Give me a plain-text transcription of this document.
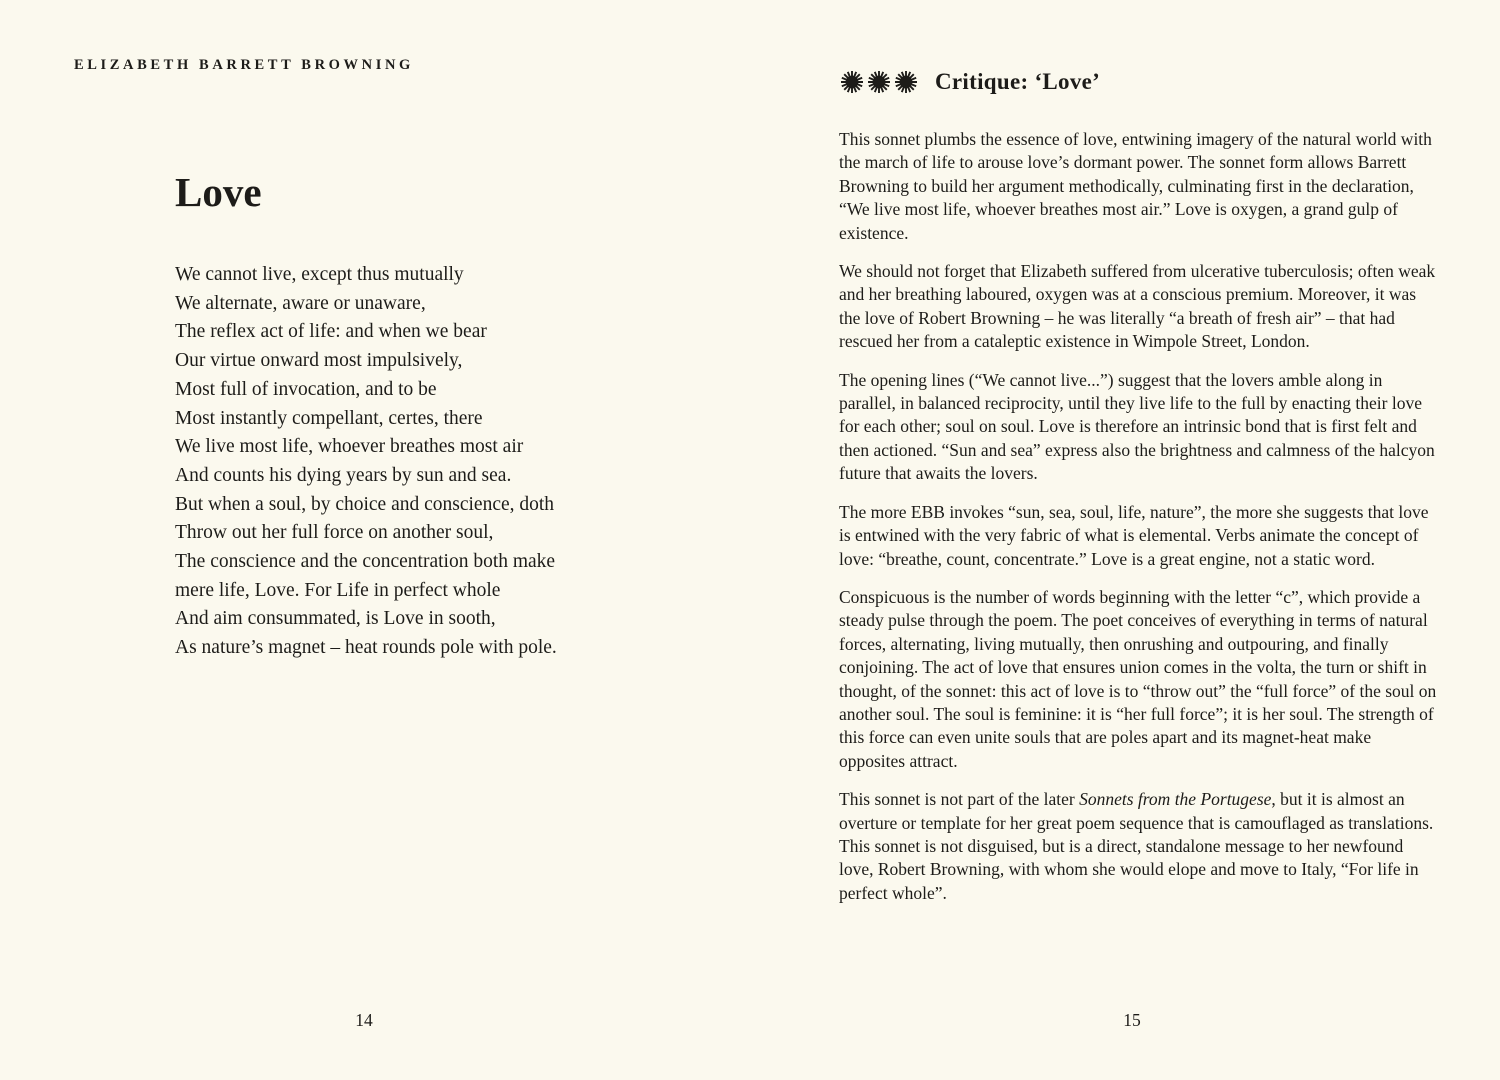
ELIZABETH BARRETT BROWNING
Love
We cannot live, except thus mutually
We alternate, aware or unaware,
The reflex act of life: and when we bear
Our virtue onward most impulsively,
Most full of invocation, and to be
Most instantly compellant, certes, there
We live most life, whoever breathes most air
And counts his dying years by sun and sea.
But when a soul, by choice and conscience, doth
Throw out her full force on another soul,
The conscience and the concentration both make
mere life, Love. For Life in perfect whole
And aim consummated, is Love in sooth,
As nature’s magnet – heat rounds pole with pole.
14
Critique: ‘Love’

This sonnet plumbs the essence of love, entwining imagery of the natural world with the march of life to arouse love’s dormant power. The sonnet form allows Barrett Browning to build her argument methodically, culminating first in the declaration, “We live most life, whoever breathes most air.” Love is oxygen, a grand gulp of existence.

We should not forget that Elizabeth suffered from ulcerative tuberculosis; often weak and her breathing laboured, oxygen was at a conscious premium. Moreover, it was the love of Robert Browning – he was literally “a breath of fresh air” – that had rescued her from a cataleptic existence in Wimpole Street, London.

The opening lines (“We cannot live...”) suggest that the lovers amble along in parallel, in balanced reciprocity, until they live life to the full by enacting their love for each other; soul on soul. Love is therefore an intrinsic bond that is first felt and then actioned. “Sun and sea” express also the brightness and calmness of the halcyon future that awaits the lovers.

The more EBB invokes “sun, sea, soul, life, nature”, the more she suggests that love is entwined with the very fabric of what is elemental. Verbs animate the concept of love: “breathe, count, concentrate.” Love is a great engine, not a static word.

Conspicuous is the number of words beginning with the letter “c”, which provide a steady pulse through the poem. The poet conceives of everything in terms of natural forces, alternating, living mutually, then onrushing and outpouring, and finally conjoining. The act of love that ensures union comes in the volta, the turn or shift in thought, of the sonnet: this act of love is to “throw out” the “full force” of the soul on another soul. The soul is feminine: it is “her full force”; it is her soul. The strength of this force can even unite souls that are poles apart and its magnet-heat make opposites attract.

This sonnet is not part of the later Sonnets from the Portugese, but it is almost an overture or template for her great poem sequence that is camouflaged as translations. This sonnet is not disguised, but is a direct, standalone message to her newfound love, Robert Browning, with whom she would elope and move to Italy, “For life in perfect whole”.

15
